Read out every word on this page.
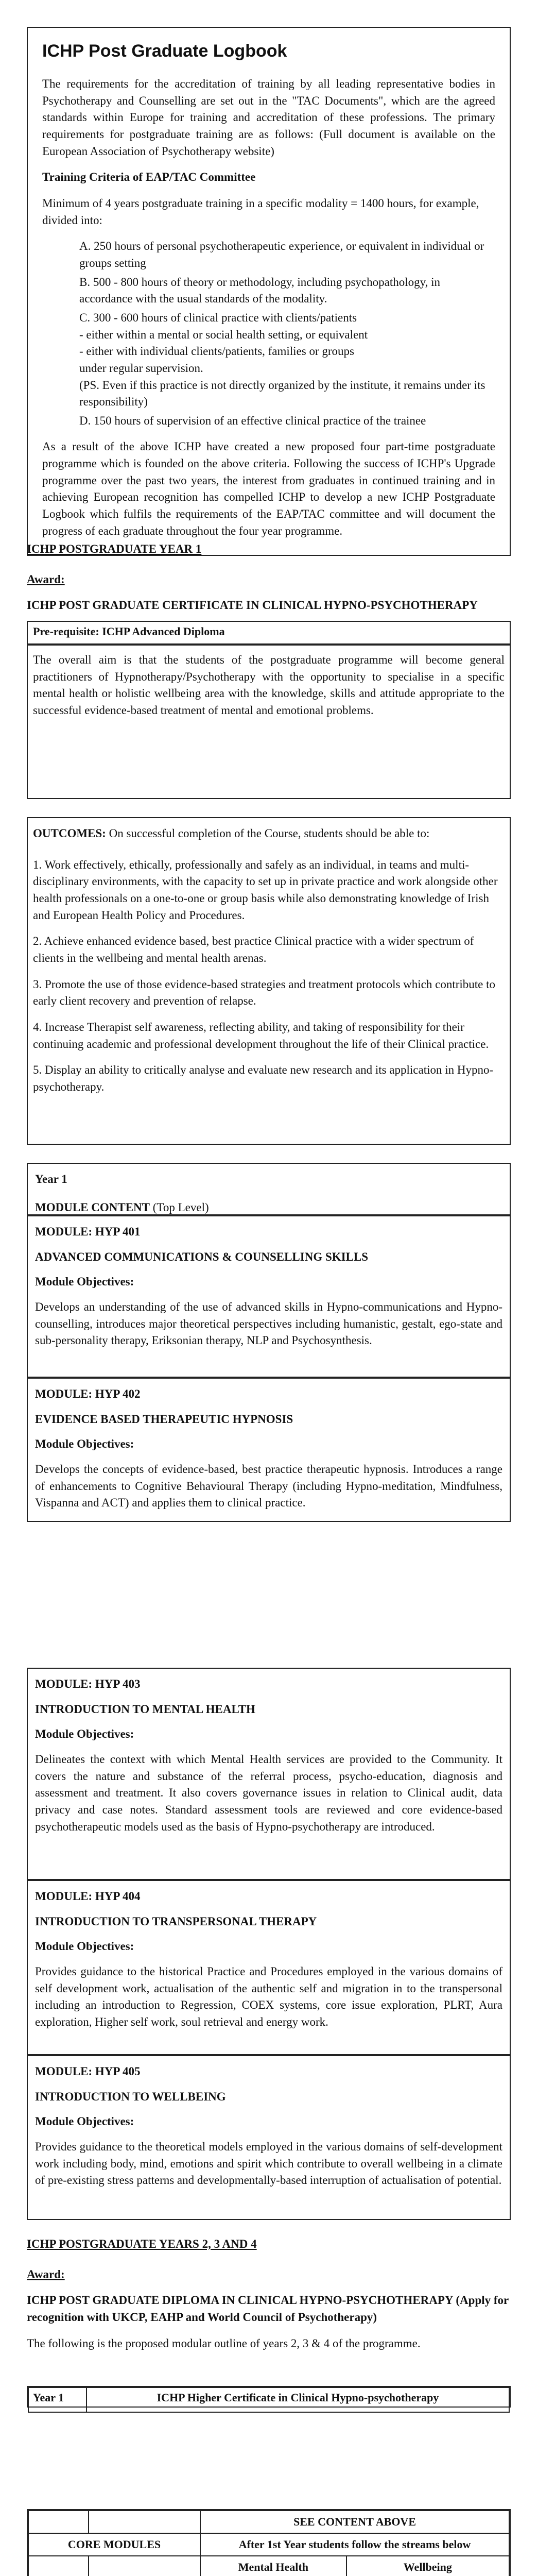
ICHP Post Graduate Logbook

The requirements for the accreditation of training by all leading representative bodies in Psychotherapy and Counselling are set out in the "TAC Documents", which are the agreed standards within Europe for training and accreditation of these professions. The primary requirements for postgraduate training are as follows: (Full document is available on the European Association of Psychotherapy website)

Training Criteria of EAP/TAC Committee

Minimum of 4 years postgraduate training in a specific modality = 1400 hours, for example, divided into:

A. 250 hours of personal psychotherapeutic experience, or equivalent in individual or groups setting

B. 500 - 800 hours of theory or methodology, including psychopathology, in accordance with the usual standards of the modality.

C. 300 - 600 hours of clinical practice with clients/patients

- either within a mental or social health setting, or equivalent

- either with individual clients/patients, families or groups

under regular supervision.

(PS. Even if this practice is not directly organized by the institute, it remains under its responsibility)

D. 150 hours of supervision of an effective clinical practice of the trainee

As a result of the above ICHP have created a new proposed four part-time postgraduate programme which is founded on the above criteria. Following the success of ICHP's Upgrade programme over the past two years, the interest from graduates in continued training and in achieving European recognition has compelled ICHP to develop a new ICHP Postgraduate Logbook which fulfils the requirements of the EAP/TAC committee and will document the progress of each graduate throughout the four year programme.

ICHP POSTGRADUATE YEAR 1

Award:

ICHP POST GRADUATE CERTIFICATE IN CLINICAL HYPNO-PSYCHOTHERAPY

Pre-requisite: ICHP Advanced Diploma

The overall aim is that the students of the postgraduate programme will become general practitioners of Hypnotherapy/Psychotherapy with the opportunity to specialise in a specific mental health or holistic wellbeing area with the knowledge, skills and attitude appropriate to the successful evidence-based treatment of mental and emotional problems.

OUTCOMES: On successful completion of the Course, students should be able to:

1. Work effectively, ethically, professionally and safely as an individual, in teams and multi-disciplinary environments, with the capacity to set up in private practice and work alongside other health professionals on a one-to-one or group basis while also demonstrating knowledge of Irish and European Health Policy and Procedures.

2. Achieve enhanced evidence based, best practice Clinical practice with a wider spectrum of clients in the wellbeing and mental health arenas.

3. Promote the use of those evidence-based strategies and treatment protocols which contribute to early client recovery and prevention of relapse.

4. Increase Therapist self awareness, reflecting ability, and taking of responsibility for their continuing academic and professional development throughout the life of their Clinical practice.

5. Display an ability to critically analyse and evaluate new research and its application in Hypno-psychotherapy.

Year 1

MODULE CONTENT (Top Level)

MODULE: HYP 401

ADVANCED COMMUNICATIONS & COUNSELLING SKILLS

Module Objectives:

Develops an understanding of the use of advanced skills in Hypno-communications and Hypno-counselling, introduces major theoretical perspectives including humanistic, gestalt, ego-state and sub-personality therapy, Eriksonian therapy, NLP and Psychosynthesis.

MODULE: HYP 402

EVIDENCE BASED THERAPEUTIC HYPNOSIS

Module Objectives:

Develops the concepts of evidence-based, best practice therapeutic hypnosis. Introduces a range of enhancements to Cognitive Behavioural Therapy (including Hypno-meditation, Mindfulness, Vispanna and ACT) and applies them to clinical practice.

MODULE: HYP 403

INTRODUCTION TO MENTAL HEALTH

Module Objectives:

Delineates the context with which Mental Health services are provided to the Community. It covers the nature and substance of the referral process, psycho-education, diagnosis and assessment and treatment. It also covers governance issues in relation to Clinical audit, data privacy and case notes. Standard assessment tools are reviewed and core evidence-based psychotherapeutic models used as the basis of Hypno-psychotherapy are introduced.

MODULE: HYP 404

INTRODUCTION TO TRANSPERSONAL THERAPY

Module Objectives:

Provides guidance to the historical Practice and Procedures employed in the various domains of self development work, actualisation of the authentic self and migration in to the transpersonal including an introduction to Regression, COEX systems, core issue exploration, PLRT, Aura exploration, Higher self work, soul retrieval and energy work.

MODULE: HYP 405

INTRODUCTION TO WELLBEING

Module Objectives:

Provides guidance to the theoretical models employed in the various domains of self-development work including body, mind, emotions and spirit which contribute to overall wellbeing in a climate of pre-existing stress patterns and developmentally-based interruption of actualisation of potential.

ICHP POSTGRADUATE YEARS 2, 3 AND 4

Award:

ICHP POST GRADUATE DIPLOMA IN CLINICAL HYPNO-PSYCHOTHERAPY (Apply for recognition with UKCP, EAHP and World Council of Psychotherapy)

The following is the proposed modular outline of years 2, 3 & 4 of the programme.

Year 1	ICHP Higher Certificate in Clinical Hypno-psychotherapy
		SEE CONTENT ABOVE	
CORE MODULES		After 1st Year students follow the streams below	
		Mental Health	Wellbeing
